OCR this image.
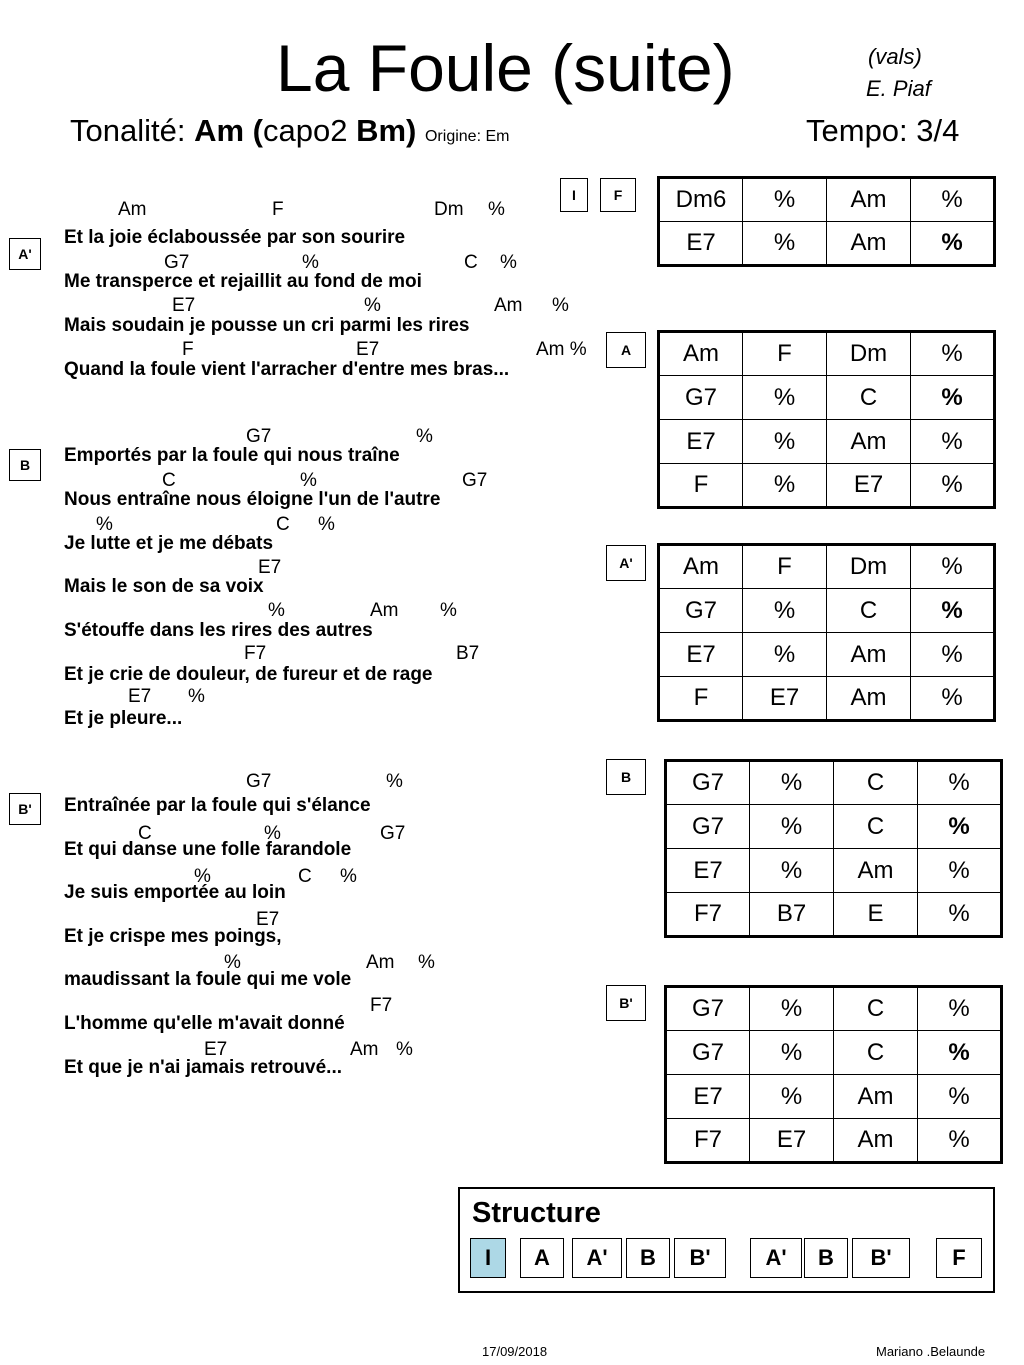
La Foule (suite)	(vals)
E. Piaf
Tonalité: Am (capo2 Bm) Origine: Em	Tempo: 3/4
A'
B
B'
Am	F	Dm %
Et la joie éclaboussée par son sourire
G7	%	C %
Me transperce et rejaillit au fond de moi
E7	%	Am %
Mais soudain je pousse un cri parmi les rires
F	E7	Am %
Quand la foule vient l'arracher d'entre mes bras...
G7	%
Emportés par la foule qui nous traîne
C	%	G7
Nous entraîne nous éloigne l'un de l'autre
%	C %
Je lutte et je me débats
E7
Mais le son de sa voix
%	Am %
S'étouffe dans les rires des autres
F7	B7
Et je crie de douleur, de fureur et de rage
E7 %
Et je pleure...
G7	%
Entraînée par la foule qui s'élance
C	%	G7
Et qui danse une folle farandole
%	C %
Je suis emportée au loin
E7
Et je crispe mes poings,
%	Am %
maudissant la foule qui me vole
F7
L'homme qu'elle m'avait donné
E7	Am %
Et que je n'ai jamais retrouvé...
I	F
A
A'
B
B'
Dm6	%	Am	%
E7	%	Am	%
Am	F	Dm	%
G7	%	C	%
E7	%	Am	%
F	%	E7	%
Am	F	Dm	%
G7	%	C	%
E7	%	Am	%
F	E7	Am	%
G7	%	C	%
G7	%	C	%
E7	%	Am	%
F7	B7	E	%
G7	%	C	%
G7	%	C	%
E7	%	Am	%
F7	E7	Am	%
Structure
I	A	A'	B	B'	A'	B	B'	F
17/09/2018	Mariano .Belaunde
